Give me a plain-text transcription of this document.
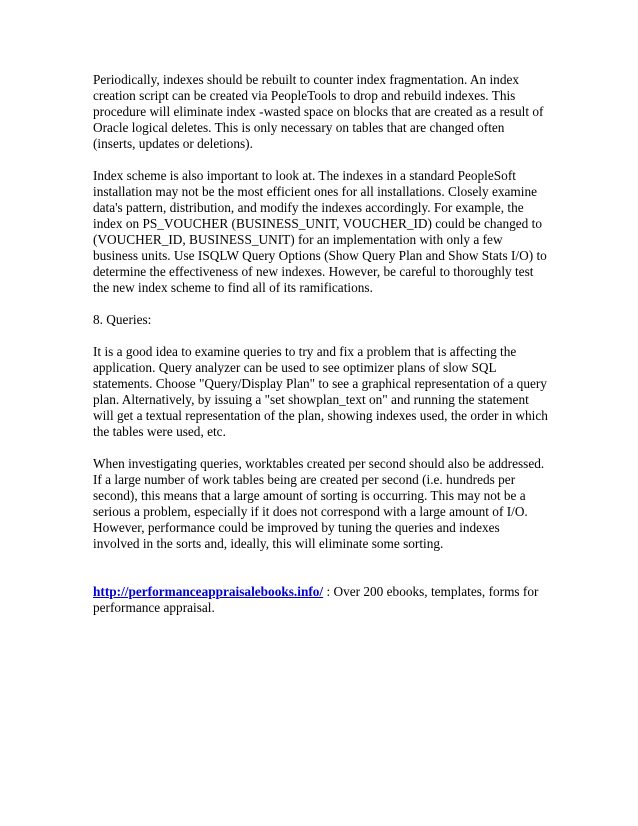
Periodically, indexes should be rebuilt to counter index fragmentation. An index creation script can be created via PeopleTools to drop and rebuild indexes. This procedure will eliminate index -wasted space on blocks that are created as a result of Oracle logical deletes. This is only necessary on tables that are changed often (inserts, updates or deletions).

Index scheme is also important to look at. The indexes in a standard PeopleSoft installation may not be the most efficient ones for all installations. Closely examine data's pattern, distribution, and modify the indexes accordingly. For example, the index on PS_VOUCHER (BUSINESS_UNIT, VOUCHER_ID) could be changed to (VOUCHER_ID, BUSINESS_UNIT) for an implementation with only a few business units. Use ISQLW Query Options (Show Query Plan and Show Stats I/O) to determine the effectiveness of new indexes. However, be careful to thoroughly test the new index scheme to find all of its ramifications.

8. Queries:

It is a good idea to examine queries to try and fix a problem that is affecting the application. Query analyzer can be used to see optimizer plans of slow SQL statements. Choose "Query/Display Plan" to see a graphical representation of a query plan. Alternatively, by issuing a "set showplan_text on" and running the statement will get a textual representation of the plan, showing indexes used, the order in which the tables were used, etc.

When investigating queries, worktables created per second should also be addressed. If a large number of work tables being are created per second (i.e. hundreds per second), this means that a large amount of sorting is occurring. This may not be a serious a problem, especially if it does not correspond with a large amount of I/O.

However, performance could be improved by tuning the queries and indexes involved in the sorts and, ideally, this will eliminate some sorting.

http://performanceappraisalebooks.info/ : Over 200 ebooks, templates, forms for performance appraisal.
